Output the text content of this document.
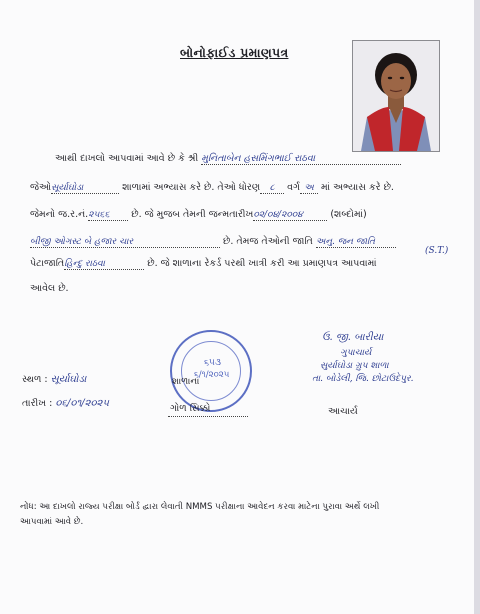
બોનોફાઈડ પ્રમાણપત્ર
આથી દાખલો આપવામાં આવે છે કે શ્રી મુનિતાબેન હસમિંગભાઈ રાઠવા
જેઓસૂર્યાઘોડા	શાળામાં અભ્યાસ કરે છે. તેઓ ધોરણ ૮ વર્ગ અ માં અભ્યાસ કરે છે.
જેમનો જ.ર.નં.૨૫૬૬ છે. જે મુજબ તેમની જન્મતારીખ૦૨/૦૪/૨૦૦૪	(શબ્દોમાં)
બીજી ઓગસ્ટ બે હજાર ચાર	છે. તેમજ તેઓની જાતિ અનુ. જન જાતિ
(S.T.)
પેટાજાતિહિન્દુ રાઠવા	છે. જે શાળાના રેકર્ડ પરથી ખાત્રી કરી આ પ્રમાણપત્ર આપવામાં
આવેલ છે.
ઉ. જી. બારીયા
ગુપાચાર્ય
સુર્યાઘોડા ગ્રુપ શાળા
તા. બોડેલી, જિ. છોટાઉદેપુર.
આચાર્ય
સ્થળ : સૂર્યાઘોડા
તારીખ : ૦૬/૦૧/૨૦૨૫
૬૫૩
૬/૧/૨૦૨૫
શાળાના
ગોળ સિક્કો
નોંધ: આ દાખલો રાજ્ય પરીક્ષા બોર્ડ દ્વારા લેવાતી NMMS પરીક્ષાના આવેદન કરવા માટેના પુરાવા અર્થે લખી
આપવામાં આવે છે.
